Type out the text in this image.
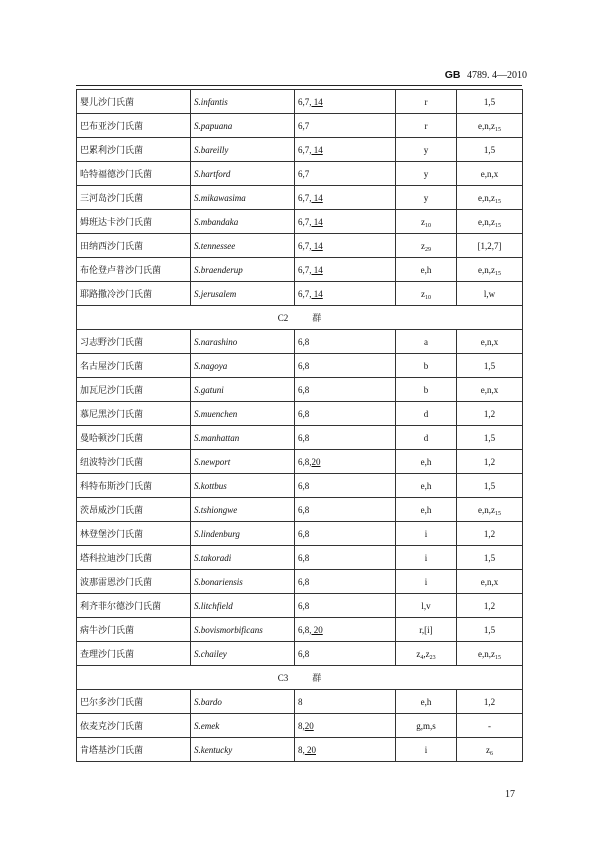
GB 4789. 4—2010
婴儿沙门氏菌	S.infantis	6,7, 14	r	1,5
巴布亚沙门氏菌	S.papuana	6,7	r	$e,n,z_{15}$
巴累利沙门氏菌	S.bareilly	6,7, 14	y	1,5
哈特福德沙门氏菌	S.hartford	6,7	y	e,n,x
三河岛沙门氏菌	S.mikawasima	6,7, 14	y	$e,n,z_{15}$
姆班达卡沙门氏菌	S.mbandaka	6,7, 14	$z_{10}$	$e,n,z_{15}$
田纳西沙门氏菌	S.tennessee	6,7, 14	$z_{29}$	[1,2,7]
布伦登卢普沙门氏菌	S.braenderup	6,7, 14	e,h	$e,n,z_{15}$
耶路撒冷沙门氏菌	S.jerusalem	6,7, 14	$z_{10}$	l,w
C2 群				
习志野沙门氏菌	S.narashino	6,8	a	e,n,x
名古屋沙门氏菌	S.nagoya	6,8	b	1,5
加瓦尼沙门氏菌	S.gatuni	6,8	b	e,n,x
慕尼黑沙门氏菌	S.muenchen	6,8	d	1,2
曼哈顿沙门氏菌	S.manhattan	6,8	d	1,5
纽波特沙门氏菌	S.newport	6,8,20	e,h	1,2
科特布斯沙门氏菌	S.kottbus	6,8	e,h	1,5
茨昂威沙门氏菌	S.tshiongwe	6,8	e,h	$e,n,z_{15}$
林登堡沙门氏菌	S.lindenburg	6,8	i	1,2
塔科拉迪沙门氏菌	S.takoradi	6,8	i	1,5
波那雷恩沙门氏菌	S.bonariensis	6,8	i	e,n,x
利齐菲尔德沙门氏菌	S.litchfield	6,8	l,v	1,2
病牛沙门氏菌	S.bovismorbificans	6,8, 20	r,[i]	1,5
查理沙门氏菌	S.chailey	6,8	$z_4,z_{23}$	$e,n,z_{15}$
C3 群				
巴尔多沙门氏菌	S.bardo	8	e,h	1,2
依麦克沙门氏菌	S.emek	8,20	g,m,s	-
肯塔基沙门氏菌	S.kentucky	8, 20	i	$z_6$
17
